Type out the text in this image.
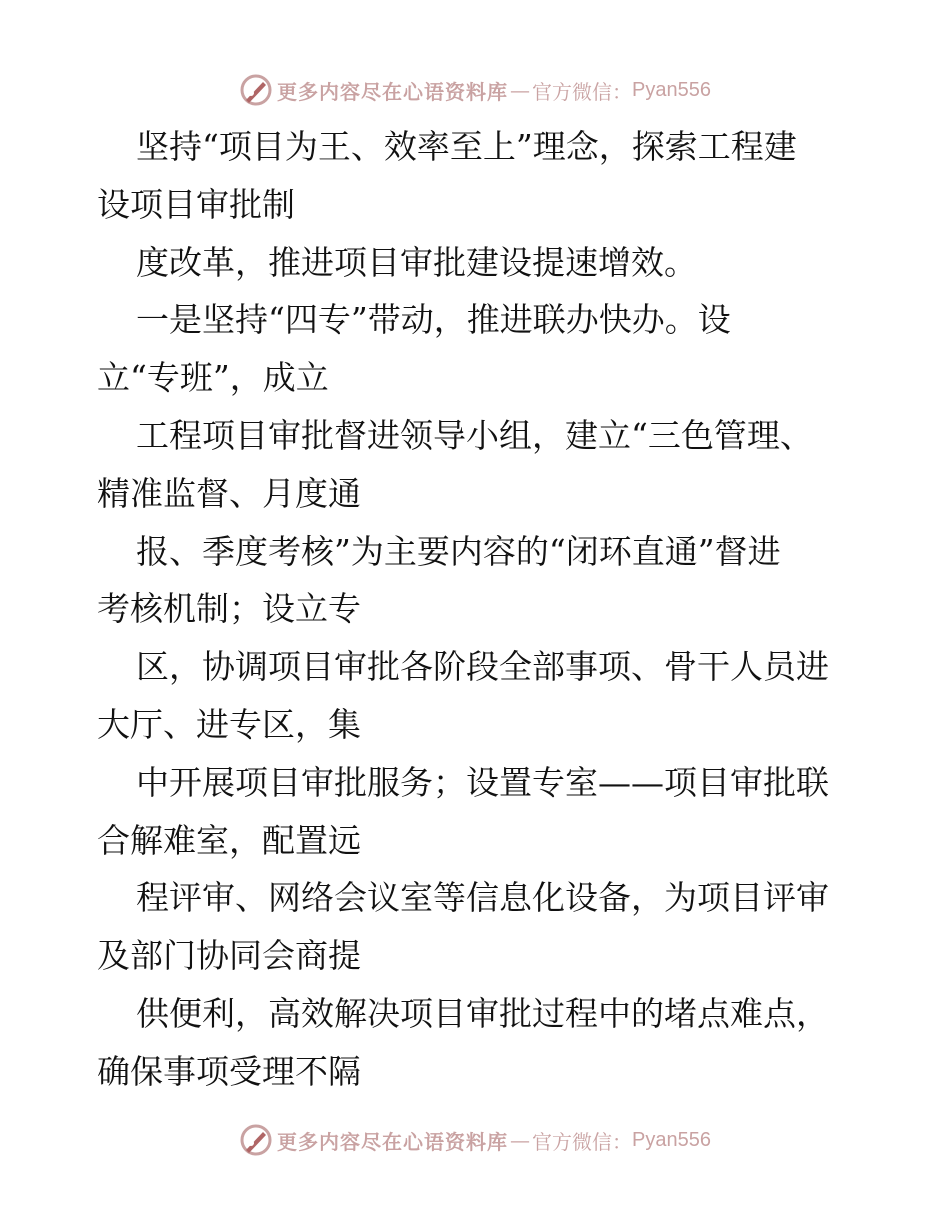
更多内容尽在心语资料库 — 官方微信： Pyan556
坚持“项目为王、效率至上”理念，探索工程建
设项目审批制
度改革，推进项目审批建设提速增效。
一是坚持“四专”带动，推进联办快办。设
立“专班”，成立
工程项目审批督进领导小组，建立“三色管理、
精准监督、月度通
报、季度考核”为主要内容的“闭环直通”督进
考核机制；设立专
区，协调项目审批各阶段全部事项、骨干人员进
大厅、进专区，集
中开展项目审批服务；设置专室——项目审批联
合解难室，配置远
程评审、网络会议室等信息化设备，为项目评审
及部门协同会商提
供便利，高效解决项目审批过程中的堵点难点，
确保事项受理不隔
更多内容尽在心语资料库 — 官方微信： Pyan556
